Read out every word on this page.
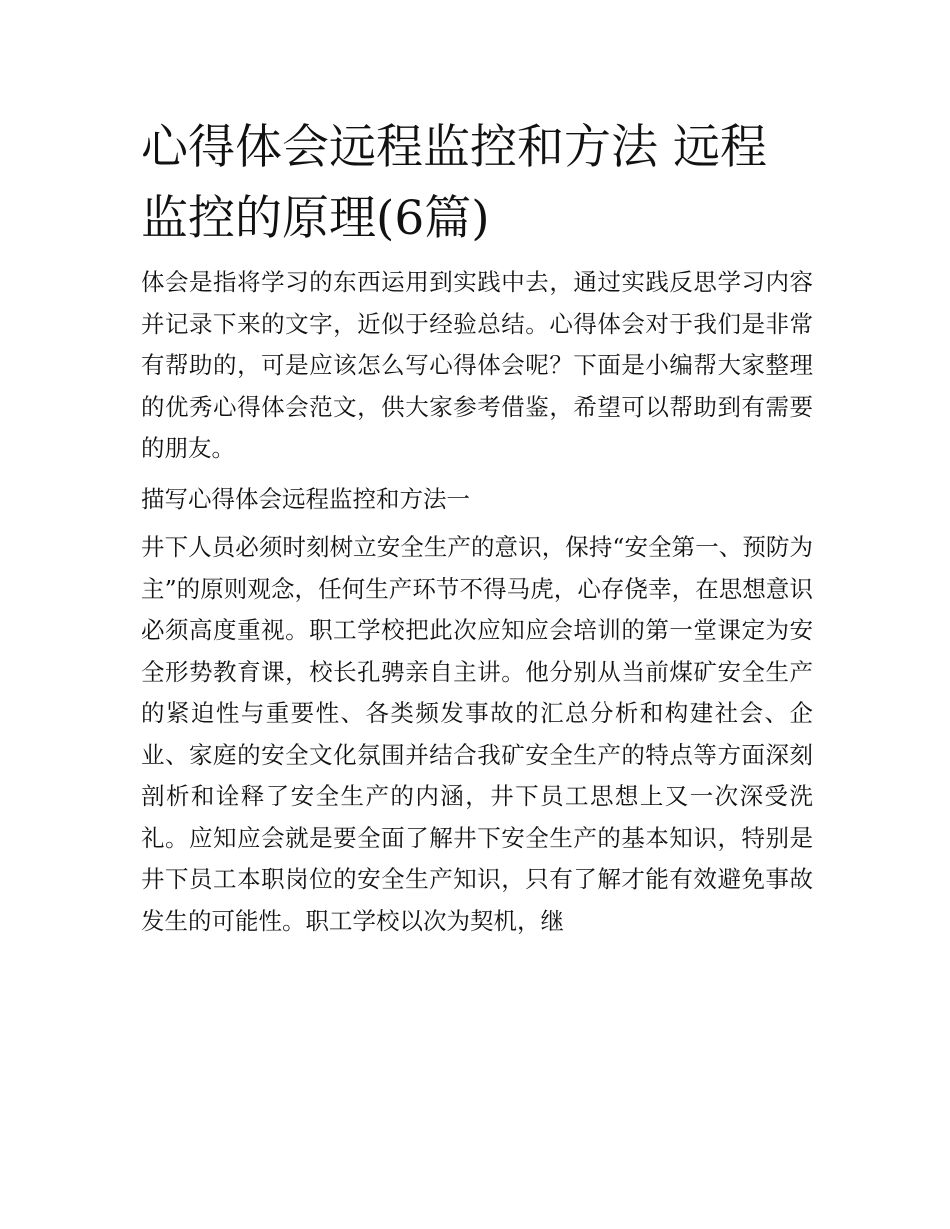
心得体会远程监控和方法 远程监控的原理(6篇)

体会是指将学习的东西运用到实践中去，通过实践反思学习内容并记录下来的文字，近似于经验总结。心得体会对于我们是非常有帮助的，可是应该怎么写心得体会呢？下面是小编帮大家整理的优秀心得体会范文，供大家参考借鉴，希望可以帮助到有需要的朋友。

描写心得体会远程监控和方法一

井下人员必须时刻树立安全生产的意识，保持“安全第一、预防为主”的原则观念，任何生产环节不得马虎，心存侥幸，在思想意识必须高度重视。职工学校把此次应知应会培训的第一堂课定为安全形势教育课，校长孔骋亲自主讲。他分别从当前煤矿安全生产的紧迫性与重要性、各类频发事故的汇总分析和构建社会、企业、家庭的安全文化氛围并结合我矿安全生产的特点等方面深刻剖析和诠释了安全生产的内涵，井下员工思想上又一次深受洗礼。应知应会就是要全面了解井下安全生产的基本知识，特别是井下员工本职岗位的安全生产知识，只有了解才能有效避免事故发生的可能性。职工学校以次为契机，继
